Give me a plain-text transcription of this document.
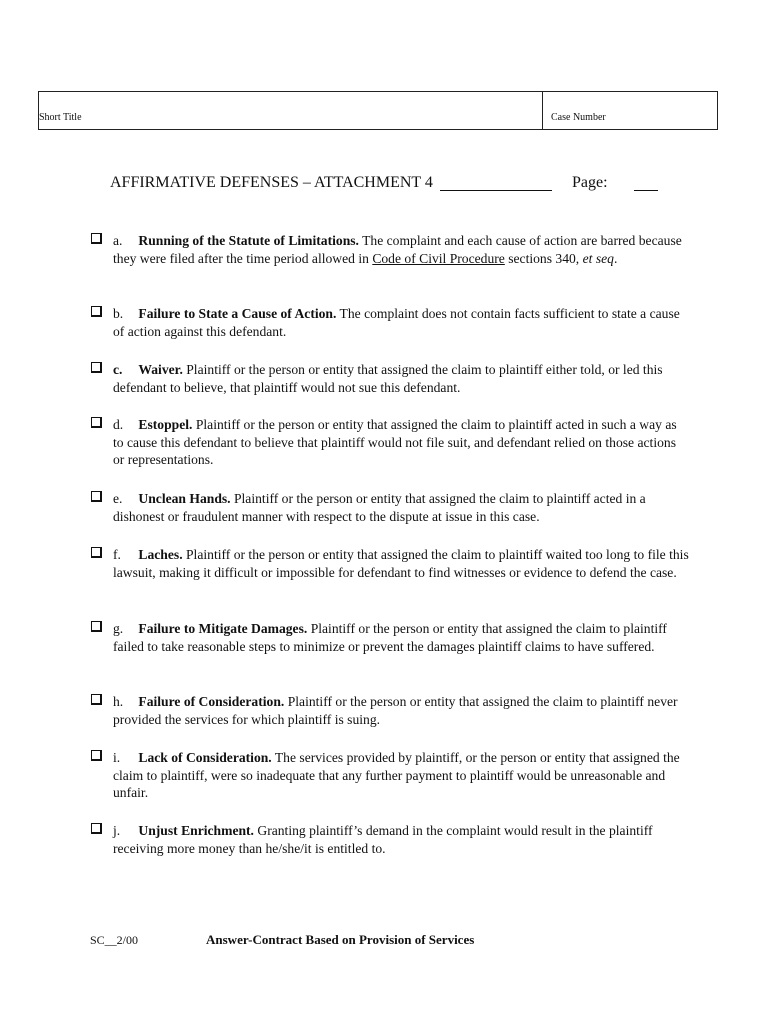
Short Title	Case Number
AFFIRMATIVE DEFENSES – ATTACHMENT 4	Page:
a. Running of the Statute of Limitations. The complaint and each cause of action are barred because they were filed after the time period allowed in Code of Civil Procedure sections 340, et seq.
b. Failure to State a Cause of Action. The complaint does not contain facts sufficient to state a cause of action against this defendant.
c. Waiver. Plaintiff or the person or entity that assigned the claim to plaintiff either told, or led this defendant to believe, that plaintiff would not sue this defendant.
d. Estoppel. Plaintiff or the person or entity that assigned the claim to plaintiff acted in such a way as to cause this defendant to believe that plaintiff would not file suit, and defendant relied on those actions or representations.
e. Unclean Hands. Plaintiff or the person or entity that assigned the claim to plaintiff acted in a dishonest or fraudulent manner with respect to the dispute at issue in this case.
f. Laches. Plaintiff or the person or entity that assigned the claim to plaintiff waited too long to file this lawsuit, making it difficult or impossible for defendant to find witnesses or evidence to defend the case.
g. Failure to Mitigate Damages. Plaintiff or the person or entity that assigned the claim to plaintiff failed to take reasonable steps to minimize or prevent the damages plaintiff claims to have suffered.
h. Failure of Consideration. Plaintiff or the person or entity that assigned the claim to plaintiff never provided the services for which plaintiff is suing.
i. Lack of Consideration. The services provided by plaintiff, or the person or entity that assigned the claim to plaintiff, were so inadequate that any further payment to plaintiff would be unreasonable and unfair.
j. Unjust Enrichment. Granting plaintiff’s demand in the complaint would result in the plaintiff receiving more money than he/she/it is entitled to.
SC__2/00	Answer-Contract Based on Provision of Services
